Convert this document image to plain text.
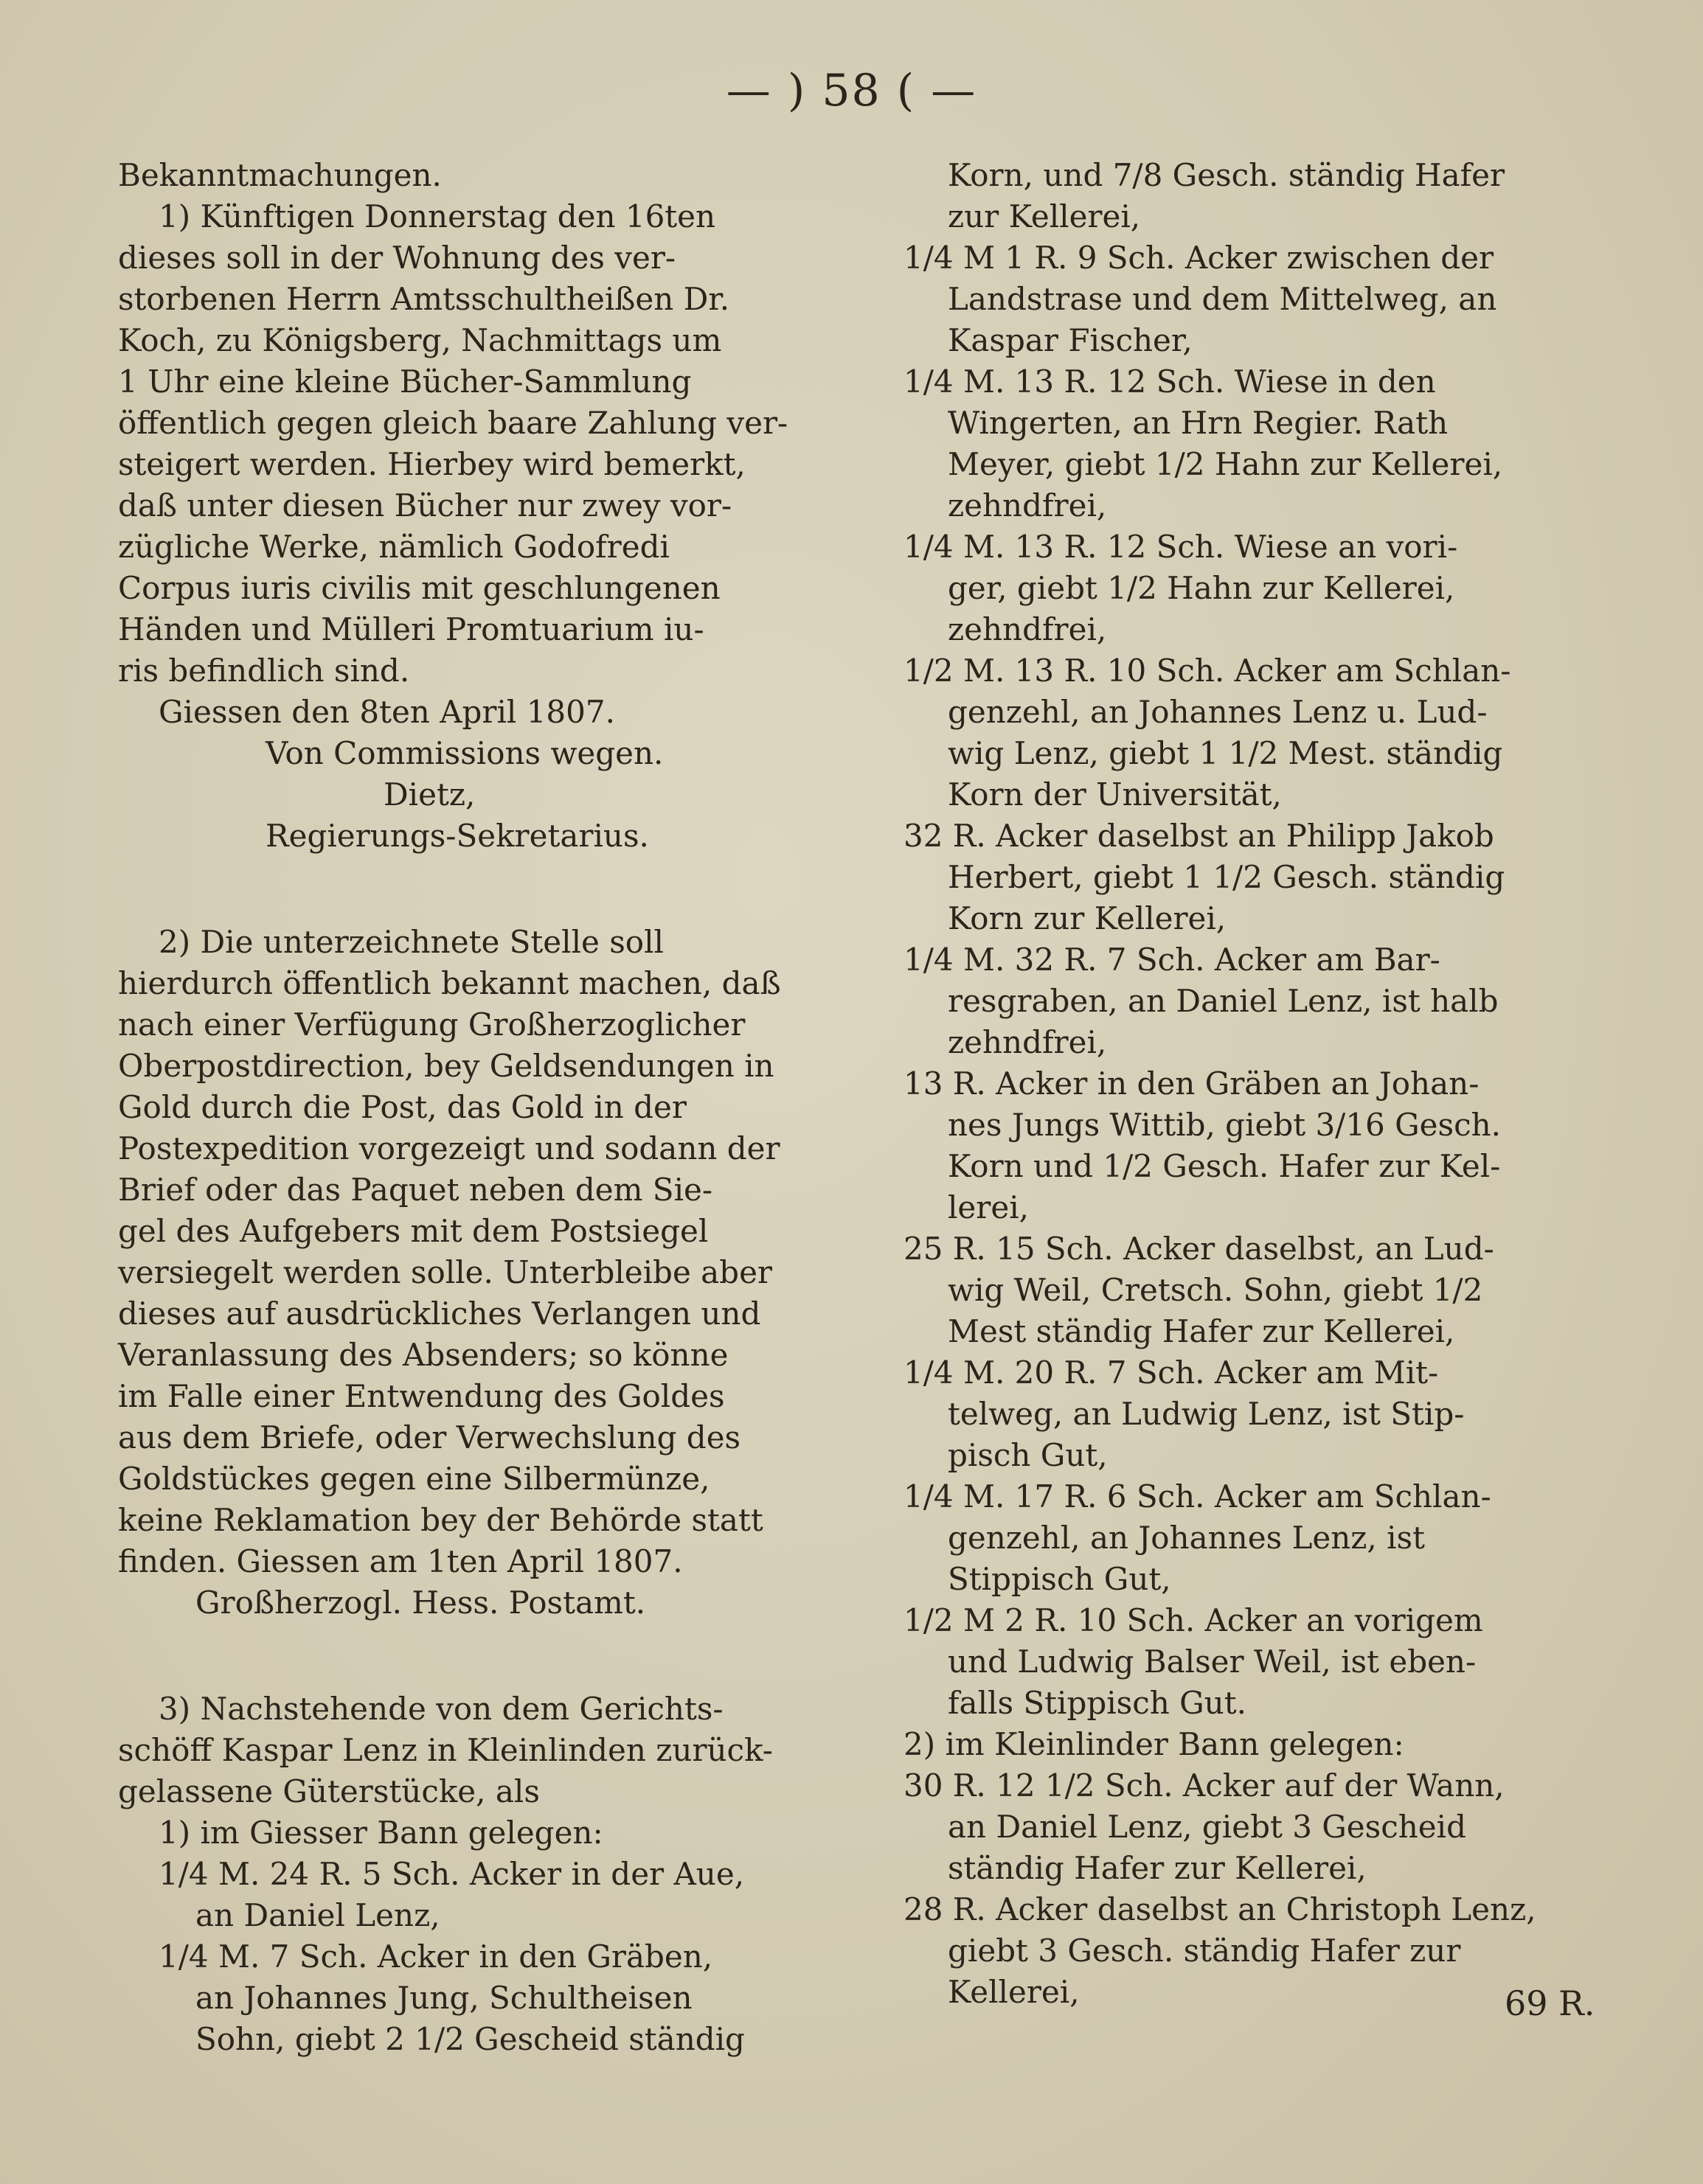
— ) 58 ( —

Bekanntmachungen.

1) Künftigen Donnerstag den 16ten

dieses soll in der Wohnung des ver-

storbenen Herrn Amtsschultheißen Dr.

Koch, zu Königsberg, Nachmittags um

1 Uhr eine kleine Bücher-Sammlung

öffentlich gegen gleich baare Zahlung ver-

steigert werden. Hierbey wird bemerkt,

daß unter diesen Bücher nur zwey vor-

zügliche Werke, nämlich Godofredi

Corpus iuris civilis mit geschlungenen

Händen und Mülleri Promtuarium iu-

ris befindlich sind.

Giessen den 8ten April 1807.

Von Commissions wegen.

Dietz,

Regierungs-Sekretarius.

2) Die unterzeichnete Stelle soll

hierdurch öffentlich bekannt machen, daß

nach einer Verfügung Großherzoglicher

Oberpostdirection, bey Geldsendungen in

Gold durch die Post, das Gold in der

Postexpedition vorgezeigt und sodann der

Brief oder das Paquet neben dem Sie-

gel des Aufgebers mit dem Postsiegel

versiegelt werden solle. Unterbleibe aber

dieses auf ausdrückliches Verlangen und

Veranlassung des Absenders; so könne

im Falle einer Entwendung des Goldes

aus dem Briefe, oder Verwechslung des

Goldstückes gegen eine Silbermünze,

keine Reklamation bey der Behörde statt

finden. Giessen am 1ten April 1807.

Großherzogl. Hess. Postamt.

3) Nachstehende von dem Gerichts-

schöff Kaspar Lenz in Kleinlinden zurück-

gelassene Güterstücke, als

1) im Giesser Bann gelegen:

1/4 M. 24 R. 5 Sch. Acker in der Aue,

an Daniel Lenz,

1/4 M. 7 Sch. Acker in den Gräben,

an Johannes Jung, Schultheisen

Sohn, giebt 2 1/2 Gescheid ständig

Korn, und 7/8 Gesch. ständig Hafer

zur Kellerei,

1/4 M 1 R. 9 Sch. Acker zwischen der

Landstrase und dem Mittelweg, an

Kaspar Fischer,

1/4 M. 13 R. 12 Sch. Wiese in den

Wingerten, an Hrn Regier. Rath

Meyer, giebt 1/2 Hahn zur Kellerei,

zehndfrei,

1/4 M. 13 R. 12 Sch. Wiese an vori-

ger, giebt 1/2 Hahn zur Kellerei,

zehndfrei,

1/2 M. 13 R. 10 Sch. Acker am Schlan-

genzehl, an Johannes Lenz u. Lud-

wig Lenz, giebt 1 1/2 Mest. ständig

Korn der Universität,

32 R. Acker daselbst an Philipp Jakob

Herbert, giebt 1 1/2 Gesch. ständig

Korn zur Kellerei,

1/4 M. 32 R. 7 Sch. Acker am Bar-

resgraben, an Daniel Lenz, ist halb

zehndfrei,

13 R. Acker in den Gräben an Johan-

nes Jungs Wittib, giebt 3/16 Gesch.

Korn und 1/2 Gesch. Hafer zur Kel-

lerei,

25 R. 15 Sch. Acker daselbst, an Lud-

wig Weil, Cretsch. Sohn, giebt 1/2

Mest ständig Hafer zur Kellerei,

1/4 M. 20 R. 7 Sch. Acker am Mit-

telweg, an Ludwig Lenz, ist Stip-

pisch Gut,

1/4 M. 17 R. 6 Sch. Acker am Schlan-

genzehl, an Johannes Lenz, ist

Stippisch Gut,

1/2 M 2 R. 10 Sch. Acker an vorigem

und Ludwig Balser Weil, ist eben-

falls Stippisch Gut.

2) im Kleinlinder Bann gelegen:

30 R. 12 1/2 Sch. Acker auf der Wann,

an Daniel Lenz, giebt 3 Gescheid

ständig Hafer zur Kellerei,

28 R. Acker daselbst an Christoph Lenz,

giebt 3 Gesch. ständig Hafer zur

Kellerei,	69 R.
